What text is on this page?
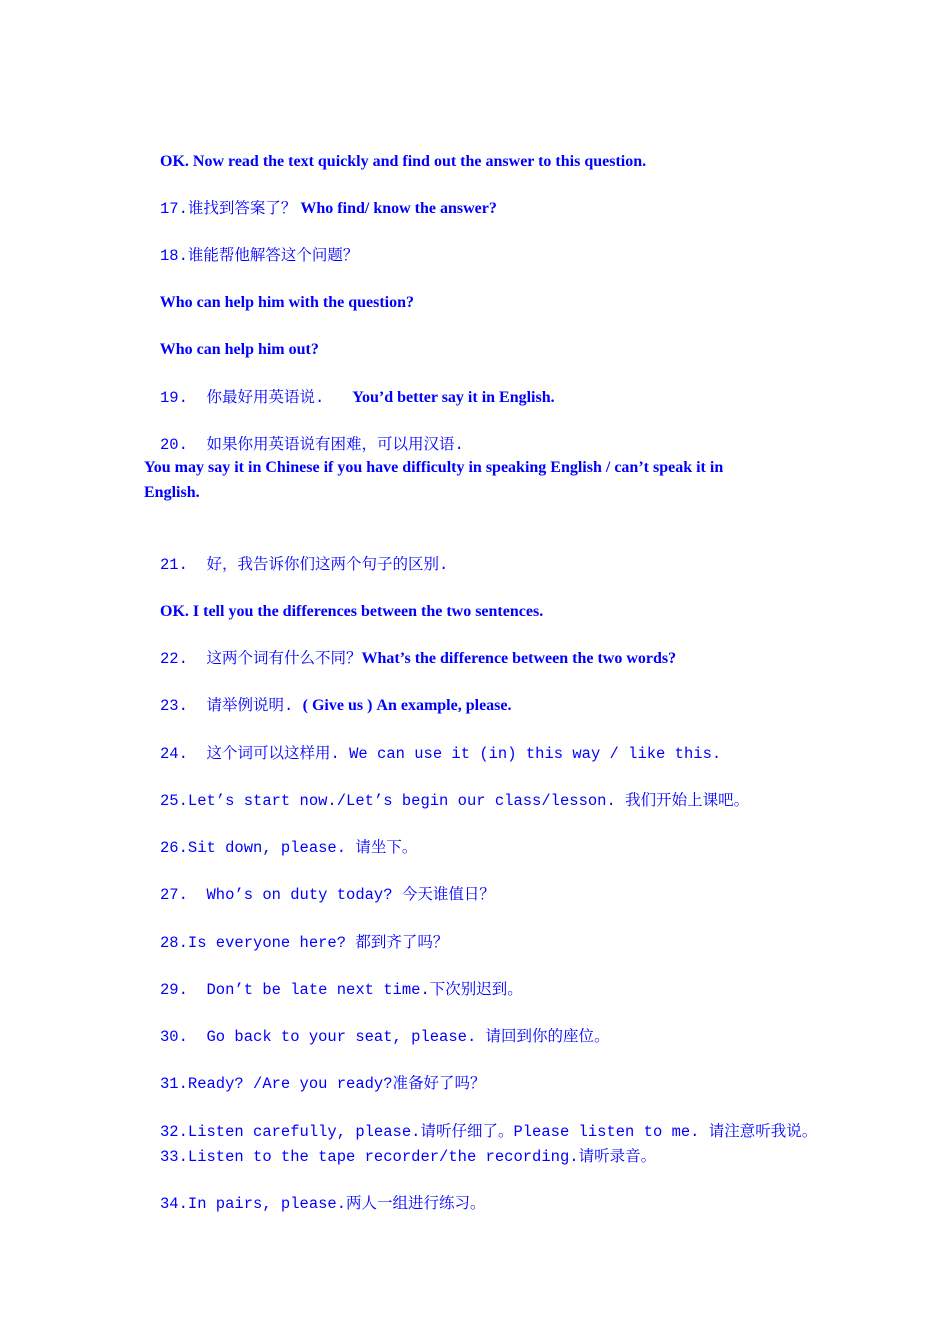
OK. Now read the text quickly and find out the answer to this question.

17.谁找到答案了？ Who find/ know the answer?

18.谁能帮他解答这个问题？

Who can help him with the question?

Who can help him out?

19.  你最好用英语说.   You’d better say it in English.

20.  如果你用英语说有困难，可以用汉语.

You may say it in Chinese if you have difficulty in speaking English / can’t speak it in English.

21.  好，我告诉你们这两个句子的区别.

OK. I tell you the differences between the two sentences.

22.  这两个词有什么不同？What’s the difference between the two words?

23.  请举例说明. ( Give us ) An example, please.

24.  这个词可以这样用. We can use it (in) this way / like this.

25.Let’s start now./Let’s begin our class/lesson. 我们开始上课吧。

26.Sit down, please. 请坐下。

27.  Who’s on duty today? 今天谁值日？

28.Is everyone here? 都到齐了吗？

29.  Don’t be late next time.下次别迟到。

30.  Go back to your seat, please. 请回到你的座位。

31.Ready? /Are you ready?准备好了吗？

32.Listen carefully, please.请听仔细了。Please listen to me. 请注意听我说。

33.Listen to the tape recorder/the recording.请听录音。

34.In pairs, please.两人一组进行练习。
